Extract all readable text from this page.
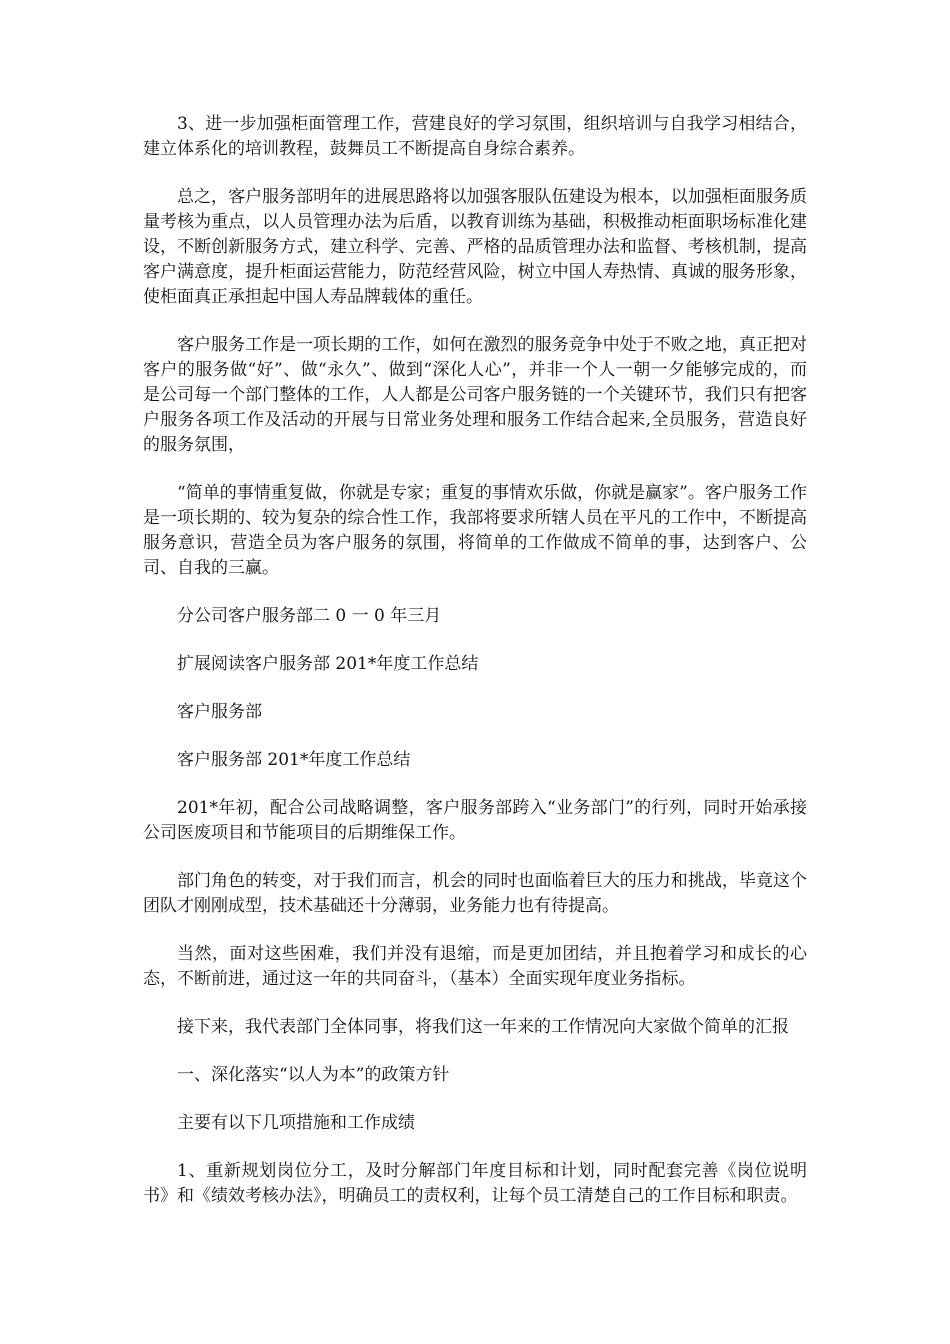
3、进一步加强柜面管理工作，营建良好的学习氛围，组织培训与自我学习相结合，建立体系化的培训教程，鼓舞员工不断提高自身综合素养。

总之，客户服务部明年的进展思路将以加强客服队伍建设为根本，以加强柜面服务质量考核为重点，以人员管理办法为后盾，以教育训练为基础，积极推动柜面职场标准化建设，不断创新服务方式，建立科学、完善、严格的品质管理办法和监督、考核机制，提高客户满意度，提升柜面运营能力，防范经营风险，树立中国人寿热情、真诚的服务形象，使柜面真正承担起中国人寿品牌载体的重任。

客户服务工作是一项长期的工作，如何在激烈的服务竞争中处于不败之地，真正把对客户的服务做“好”、做“永久”、做到“深化人心”，并非一个人一朝一夕能够完成的，而是公司每一个部门整体的工作，人人都是公司客户服务链的一个关键环节，我们只有把客户服务各项工作及活动的开展与日常业务处理和服务工作结合起来,全员服务，营造良好的服务氛围，

“简单的事情重复做，你就是专家；重复的事情欢乐做，你就是赢家”。客户服务工作是一项长期的、较为复杂的综合性工作，我部将要求所辖人员在平凡的工作中，不断提高服务意识，营造全员为客户服务的氛围，将简单的工作做成不简单的事，达到客户、公司、自我的三赢。

分公司客户服务部二 0 一 0 年三月

扩展阅读客户服务部 201*年度工作总结

客户服务部

客户服务部 201*年度工作总结

201*年初，配合公司战略调整，客户服务部跨入“业务部门”的行列，同时开始承接公司医废项目和节能项目的后期维保工作。

部门角色的转变，对于我们而言，机会的同时也面临着巨大的压力和挑战，毕竟这个团队才刚刚成型，技术基础还十分薄弱，业务能力也有待提高。

当然，面对这些困难，我们并没有退缩，而是更加团结，并且抱着学习和成长的心态，不断前进，通过这一年的共同奋斗，（基本）全面实现年度业务指标。

接下来，我代表部门全体同事，将我们这一年来的工作情况向大家做个简单的汇报

一、深化落实“以人为本”的政策方针

主要有以下几项措施和工作成绩

1、重新规划岗位分工，及时分解部门年度目标和计划，同时配套完善《岗位说明书》和《绩效考核办法》，明确员工的责权利，让每个员工清楚自己的工作目标和职责。
